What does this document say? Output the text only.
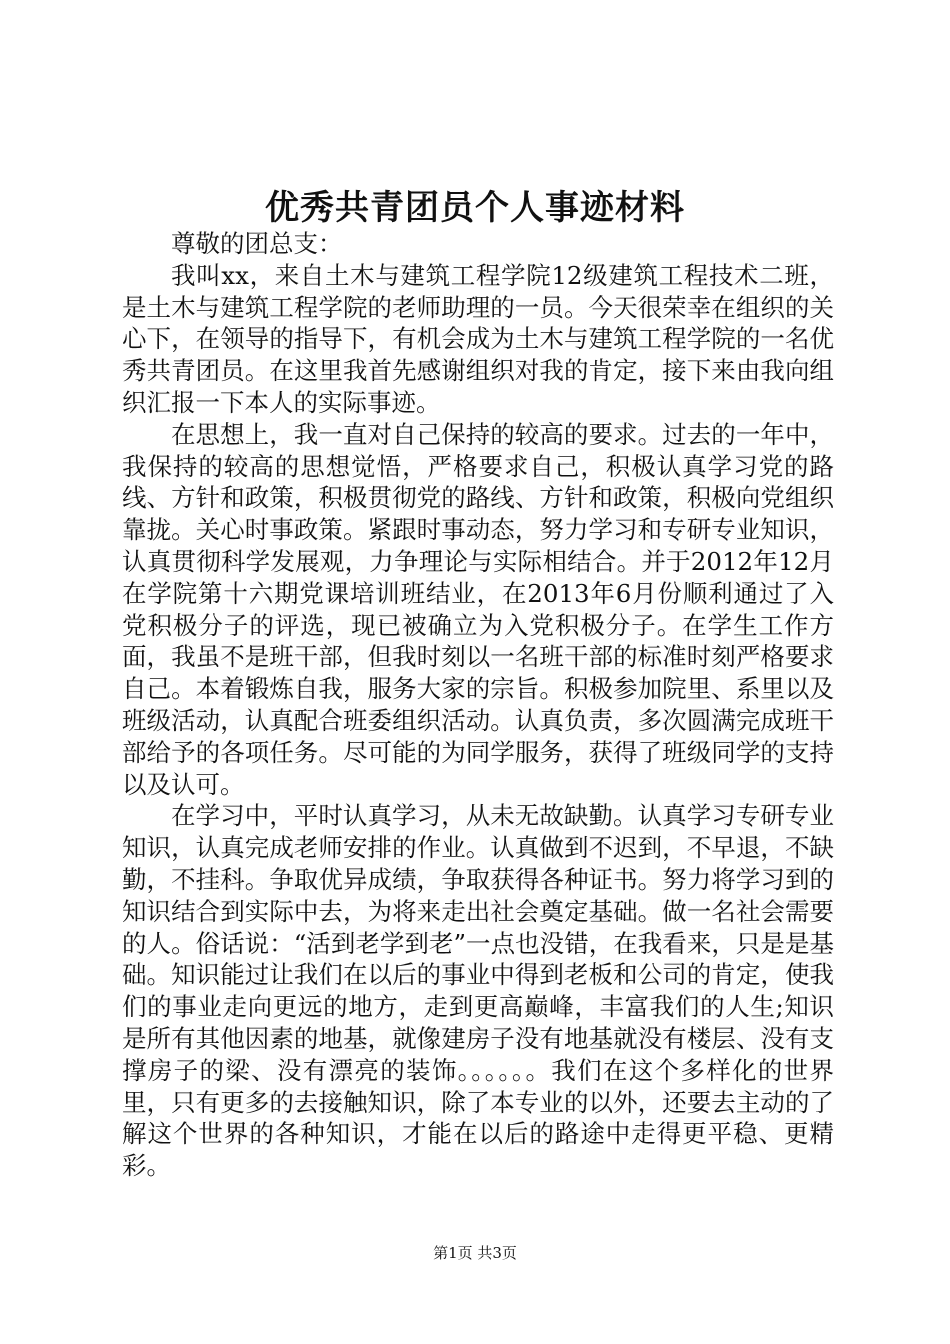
优秀共青团员个人事迹材料

尊敬的团总支：

我叫xx，来自土木与建筑工程学院12级建筑工程技术二班，是土木与建筑工程学院的老师助理的一员。今天很荣幸在组织的关心下，在领导的指导下，有机会成为土木与建筑工程学院的一名优秀共青团员。在这里我首先感谢组织对我的肯定，接下来由我向组织汇报一下本人的实际事迹。

在思想上，我一直对自己保持的较高的要求。过去的一年中，我保持的较高的思想觉悟，严格要求自己，积极认真学习党的路线、方针和政策，积极贯彻党的路线、方针和政策，积极向党组织靠拢。关心时事政策。紧跟时事动态，努力学习和专研专业知识，认真贯彻科学发展观，力争理论与实际相结合。并于2012年12月在学院第十六期党课培训班结业，在2013年6月份顺利通过了入党积极分子的评选，现已被确立为入党积极分子。在学生工作方面，我虽不是班干部，但我时刻以一名班干部的标准时刻严格要求自己。本着锻炼自我，服务大家的宗旨。积极参加院里、系里以及班级活动，认真配合班委组织活动。认真负责，多次圆满完成班干部给予的各项任务。尽可能的为同学服务，获得了班级同学的支持以及认可。

在学习中，平时认真学习，从未无故缺勤。认真学习专研专业知识，认真完成老师安排的作业。认真做到不迟到，不早退，不缺勤，不挂科。争取优异成绩，争取获得各种证书。努力将学习到的知识结合到实际中去，为将来走出社会奠定基础。做一名社会需要的人。俗话说：“活到老学到老”一点也没错，在我看来，只是是基础。知识能过让我们在以后的事业中得到老板和公司的肯定，使我们的事业走向更远的地方，走到更高巅峰，丰富我们的人生;知识是所有其他因素的地基，就像建房子没有地基就没有楼层、没有支撑房子的梁、没有漂亮的装饰。。。。。。我们在这个多样化的世界里，只有更多的去接触知识，除了本专业的以外，还要去主动的了解这个世界的各种知识，才能在以后的路途中走得更平稳、更精彩。

第1页 共3页
